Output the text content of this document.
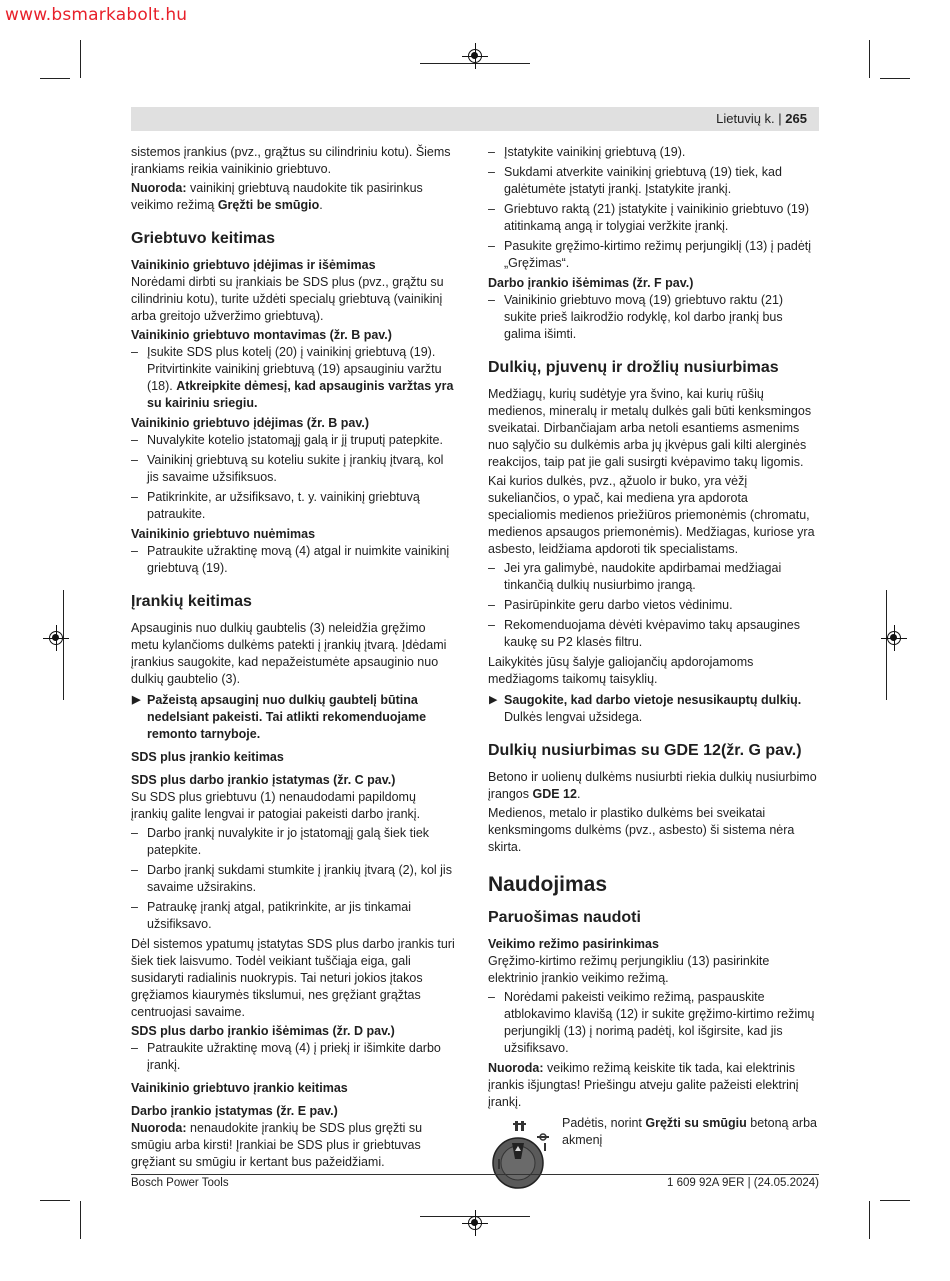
www.bsmarkabolt.hu
Lietuvių k. | 265

sistemos įrankius (pvz., grąžtus su cilindriniu kotu). Šiems įrankiams reikia vainikinio griebtuvo.

Nuoroda: vainikinį griebtuvą naudokite tik pasirinkus veikimo režimą Gręžti be smūgio.

Griebtuvo keitimas
Vainikinio griebtuvo įdėjimas ir išėmimas

Norėdami dirbti su įrankiais be SDS plus (pvz., grąžtu su cilindriniu kotu), turite uždėti specialų griebtuvą (vainikinį arba greitojo užveržimo griebtuvą).

Vainikinio griebtuvo montavimas (žr. B pav.)
– Įsukite SDS plus kotelį (20) į vainikinį griebtuvą (19). Pritvirtinkite vainikinį griebtuvą (19) apsauginiu varžtu (18). Atkreipkite dėmesį, kad apsauginis varžtas yra su kairiniu sriegiu.
Vainikinio griebtuvo įdėjimas (žr. B pav.)
– Nuvalykite kotelio įstatomąjį galą ir jį truputį patepkite.
– Vainikinį griebtuvą su koteliu sukite į įrankių įtvarą, kol jis savaime užsifiksuos.
– Patikrinkite, ar užsifiksavo, t. y. vainikinį griebtuvą patraukite.
Vainikinio griebtuvo nuėmimas
– Patraukite užraktinę movą (4) atgal ir nuimkite vainikinį griebtuvą (19).
Įrankių keitimas

Apsauginis nuo dulkių gaubtelis (3) neleidžia gręžimo metu kylančioms dulkėms patekti į įrankių įtvarą. Įdėdami įrankius saugokite, kad nepažeistumėte apsauginio nuo dulkių gaubtelio (3).

▶ Pažeistą apsauginį nuo dulkių gaubtelį būtina nedelsiant pakeisti. Tai atlikti rekomenduojame remonto tarnyboje.
SDS plus įrankio keitimas
SDS plus darbo įrankio įstatymas (žr. C pav.)

Su SDS plus griebtuvu (1) nenaudodami papildomų įrankių galite lengvai ir patogiai pakeisti darbo įrankį.

– Darbo įrankį nuvalykite ir jo įstatomąjį galą šiek tiek patepkite.
– Darbo įrankį sukdami stumkite į įrankių įtvarą (2), kol jis savaime užsirakins.
– Patraukę įrankį atgal, patikrinkite, ar jis tinkamai užsifiksavo.

Dėl sistemos ypatumų įstatytas SDS plus darbo įrankis turi šiek tiek laisvumo. Todėl veikiant tuščiąja eiga, gali susidaryti radialinis nuokrypis. Tai neturi jokios įtakos gręžiamos kiaurymės tikslumui, nes gręžiant grąžtas centruojasi savaime.

SDS plus darbo įrankio išėmimas (žr. D pav.)
– Patraukite užraktinę movą (4) į priekį ir išimkite darbo įrankį.
Vainikinio griebtuvo įrankio keitimas
Darbo įrankio įstatymas (žr. E pav.)

Nuoroda: nenaudokite įrankių be SDS plus gręžti su smūgiu arba kirsti! Įrankiai be SDS plus ir griebtuvas gręžiant su smūgiu ir kertant bus pažeidžiami.

– Įstatykite vainikinį griebtuvą (19).
– Sukdami atverkite vainikinį griebtuvą (19) tiek, kad galėtumėte įstatyti įrankį. Įstatykite įrankį.
– Griebtuvo raktą (21) įstatykite į vainikinio griebtuvo (19) atitinkamą angą ir tolygiai veržkite įrankį.
– Pasukite gręžimo-kirtimo režimų perjungiklį (13) į padėtį „Gręžimas“.
Darbo įrankio išėmimas (žr. F pav.)
– Vainikinio griebtuvo movą (19) griebtuvo raktu (21) sukite prieš laikrodžio rodyklę, kol darbo įrankį bus galima išimti.
Dulkių, pjuvenų ir drožlių nusiurbimas

Medžiagų, kurių sudėtyje yra švino, kai kurių rūšių medienos, mineralų ir metalų dulkės gali būti kenksmingos sveikatai. Dirbančiajam arba netoli esantiems asmenims nuo sąlyčio su dulkėmis arba jų įkvėpus gali kilti alerginės reakcijos, taip pat jie gali susirgti kvėpavimo takų ligomis.

Kai kurios dulkės, pvz., ąžuolo ir buko, yra vėžį sukeliančios, o ypač, kai mediena yra apdorota specialiomis medienos priežiūros priemonėmis (chromatu, medienos apsaugos priemonėmis). Medžiagas, kuriose yra asbesto, leidžiama apdoroti tik specialistams.

– Jei yra galimybė, naudokite apdirbamai medžiagai tinkančią dulkių nusiurbimo įrangą.
– Pasirūpinkite geru darbo vietos vėdinimu.
– Rekomenduojama dėvėti kvėpavimo takų apsaugines kaukę su P2 klasės filtru.

Laikykitės jūsų šalyje galiojančių apdorojamoms medžiagoms taikomų taisyklių.

▶ Saugokite, kad darbo vietoje nesusikauptų dulkių. Dulkės lengvai užsidega.
Dulkių nusiurbimas su GDE 12(žr. G pav.)

Betono ir uolienų dulkėms nusiurbti riekia dulkių nusiurbimo įrangos GDE 12.

Medienos, metalo ir plastiko dulkėms bei sveikatai kenksmingoms dulkėms (pvz., asbesto) ši sistema nėra skirta.

Naudojimas
Paruošimas naudoti
Veikimo režimo pasirinkimas

Gręžimo-kirtimo režimų perjungikliu (13) pasirinkite elektrinio įrankio veikimo režimą.

– Norėdami pakeisti veikimo režimą, paspauskite atblokavimo klavišą (12) ir sukite gręžimo-kirtimo režimų perjungiklį (13) į norimą padėtį, kol išgirsite, kad jis užsifiksavo.

Nuoroda: veikimo režimą keiskite tik tada, kai elektrinis įrankis išjungtas! Priešingu atveju galite pažeisti elektrinį įrankį.

Padėtis, norint Gręžti su smūgiu betoną arba akmenį
Bosch Power Tools	1 609 92A 9ER | (24.05.2024)
